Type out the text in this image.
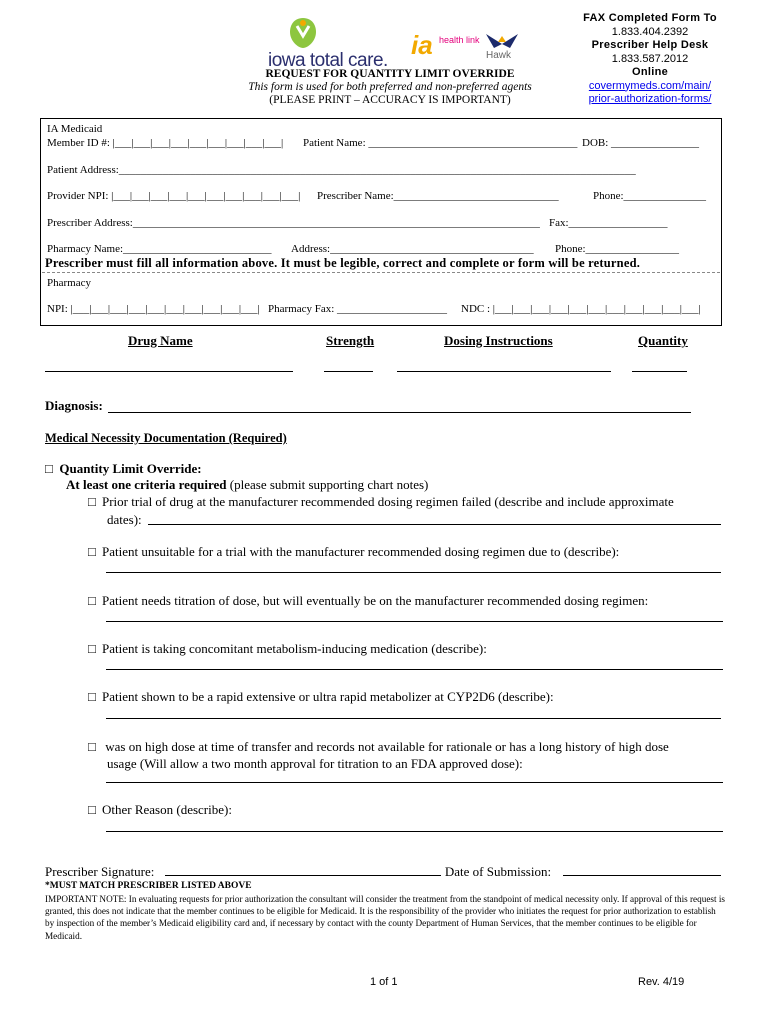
iowa total care.
ia health link
Hawk
REQUEST FOR QUANTITY LIMIT OVERRIDE
This form is used for both preferred and non-preferred agents
(PLEASE PRINT – ACCURACY IS IMPORTANT)
FAX Completed Form To
1.833.404.2392
Prescriber Help Desk
1.833.587.2012
Online
covermymeds.com/main/
prior-authorization-forms/
IA Medicaid
Member ID #: |___|___|___|___|___|___|___|___|___| Patient Name: ______________________________________ DOB: ________________
Patient Address:______________________________________________________________________________________________
Provider NPI: |___|___|___|___|___|___|___|___|___|___| Prescriber Name:______________________________	Phone:_______________
Prescriber Address:__________________________________________________________________________ Fax:__________________
Pharmacy Name:___________________________ Address:_____________________________________ Phone:_________________
Pharmacy
NPI: |___|___|___|___|___|___|___|___|___|___| Pharmacy Fax: ____________________ NDC : |___|___|___|___|___|___|___|___|___|___|___|
Prescriber must fill all information above. It must be legible, correct and complete or form will be returned.
Drug Name	Strength	Dosing Instructions	Quantity
Diagnosis:
Medical Necessity Documentation (Required)
□ Quantity Limit Override:
At least one criteria required (please submit supporting chart notes)
□ Prior trial of drug at the manufacturer recommended dosing regimen failed (describe and include approximate
dates):
□ Patient unsuitable for a trial with the manufacturer recommended dosing regimen due to (describe):
□ Patient needs titration of dose, but will eventually be on the manufacturer recommended dosing regimen:
□ Patient is taking concomitant metabolism-inducing medication (describe):
□ Patient shown to be a rapid extensive or ultra rapid metabolizer at CYP2D6 (describe):
□ was on high dose at time of transfer and records not available for rationale or has a long history of high dose
usage (Will allow a two month approval for titration to an FDA approved dose):
□ Other Reason (describe):
Prescriber Signature:	Date of Submission:
*MUST MATCH PRESCRIBER LISTED ABOVE
IMPORTANT NOTE: In evaluating requests for prior authorization the consultant will consider the treatment from the standpoint of medical necessity only. If approval of this request is granted, this does not indicate that the member continues to be eligible for Medicaid. It is the responsibility of the provider who initiates the request for prior authorization to establish by inspection of the member’s Medicaid eligibility card and, if necessary by contact with the county Department of Human Services, that the member continues to be eligible for Medicaid.
1 of 1	Rev. 4/19
